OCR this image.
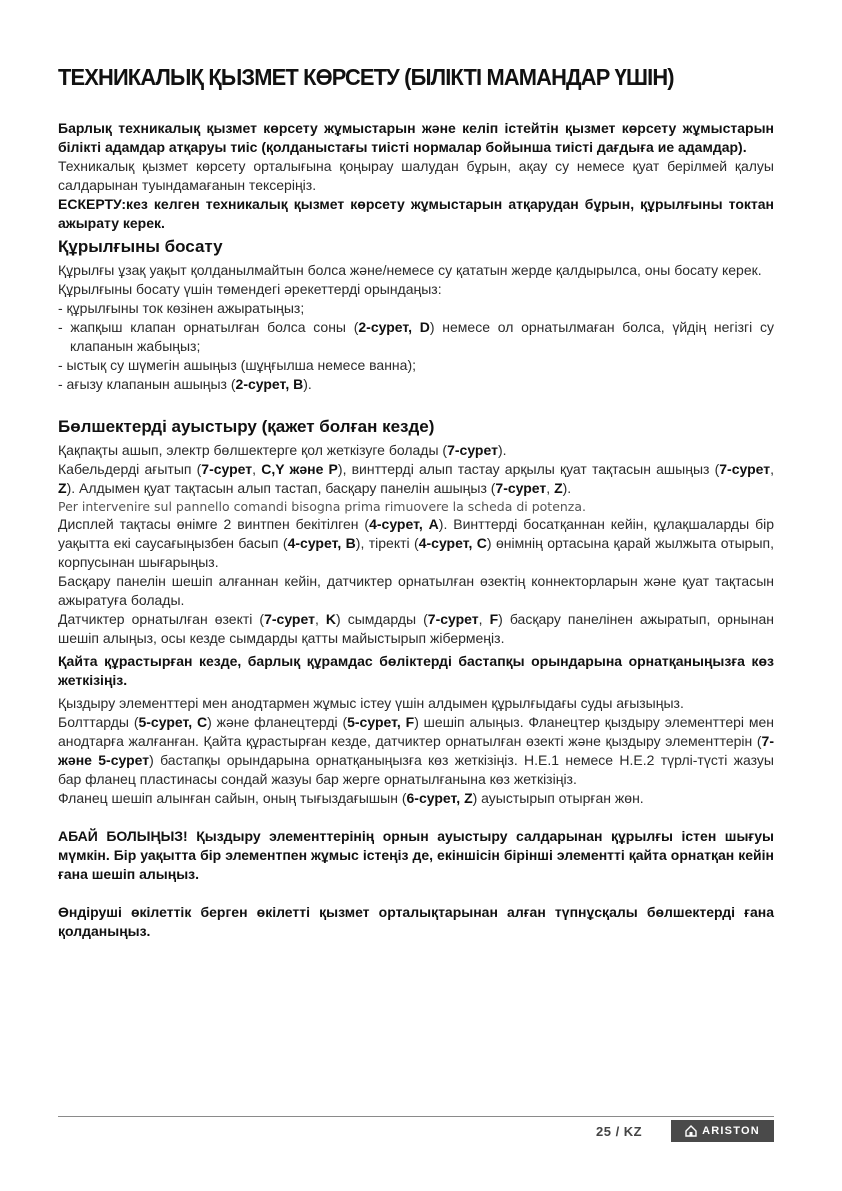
ТЕХНИКАЛЫҚ ҚЫЗМЕТ КӨРСЕТУ (БІЛІКТІ МАМАНДАР ҮШІН)

Барлық техникалық қызмет көрсету жұмыстарын және келіп істейтін қызмет көрсету жұмыстарын білікті адамдар атқаруы тиіс (қолданыстағы тиісті нормалар бойынша тиісті дағдыға ие адамдар).

Техникалық қызмет көрсету орталығына қоңырау шалудан бұрын, ақау су немесе қуат берілмей қалуы салдарынан туындамағанын тексеріңіз.

ЕСКЕРТУ:кез келген техникалық қызмет көрсету жұмыстарын атқарудан бұрын, құрылғыны токтан ажырату керек.

Құрылғыны босату

Құрылғы ұзақ уақыт қолданылмайтын болса және/немесе су қататын жерде қалдырылса, оны босату керек.

Құрылғыны босату үшін төмендегі әрекеттерді орындаңыз:

- құрылғыны ток көзінен ажыратыңыз;

- жапқыш клапан орнатылған болса соны (2-сурет, D) немесе ол орнатылмаған болса, үйдің негізгі су клапанын жабыңыз;

- ыстық су шүмегін ашыңыз (шұңғылша немесе ванна);

- ағызу клапанын ашыңыз (2-сурет, B).

Бөлшектерді ауыстыру (қажет болған кезде)

Қақпақты ашып, электр бөлшектерге қол жеткізуге болады (7-сурет).

Кабельдерді ағытып (7-сурет, C,Y және P), винттерді алып тастау арқылы қуат тақтасын ашыңыз (7-сурет, Z). Алдымен қуат тақтасын алып тастап, басқару панелін ашыңыз (7-сурет, Z).

Per intervenire sul pannello comandi bisogna prima rimuovere la scheda di potenza.

Дисплей тақтасы өнімге 2 винтпен бекітілген (4-сурет, A). Винттерді босатқаннан кейін, құлақшаларды бір уақытта екі саусағыңызбен басып (4-сурет, B), тіректі (4-сурет, C) өнімнің ортасына қарай жылжыта отырып, корпусынан шығарыңыз.

Басқару панелін шешіп алғаннан кейін, датчиктер орнатылған өзектің коннекторларын және қуат тақтасын ажыратуға болады.

Датчиктер орнатылған өзекті (7-сурет, K) сымдарды (7-сурет, F) басқару панелінен ажыратып, орнынан шешіп алыңыз, осы кезде сымдарды қатты майыстырып жібермеңіз.

Қайта құрастырған кезде, барлық құрамдас бөліктерді бастапқы орындарына орнатқаныңызға көз жеткізіңіз.

Қыздыру элементтері мен анодтармен жұмыс істеу үшін алдымен құрылғыдағы суды ағызыңыз.

Болттарды (5-сурет, C) және фланецтерді (5-сурет, F) шешіп алыңыз. Фланецтер қыздыру элементтері мен анодтарға жалғанған. Қайта құрастырған кезде, датчиктер орнатылған өзекті және қыздыру элементтерін (7- және 5-сурет) бастапқы орындарына орнатқаныңызға көз жеткізіңіз. Н.Е.1 немесе Н.Е.2 түрлі-түсті жазуы бар фланец пластинасы сондай жазуы бар жерге орнатылғанына көз жеткізіңіз.

Фланец шешіп алынған сайын, оның тығыздағышын (6-сурет, Z) ауыстырып отырған жөн.

АБАЙ БОЛЫҢЫЗ! Қыздыру элементтерінің орнын ауыстыру салдарынан құрылғы істен шығуы мүмкін. Бір уақытта бір элементпен жұмыс істеңіз де, екіншісін бірінші элементті қайта орнатқан кейін ғана шешіп алыңыз.

Өндіруші өкілеттік берген өкілетті қызмет орталықтарынан алған түпнұсқалы бөлшектерді ғана қолданыңыз.

25 / KZ	ARISTON
